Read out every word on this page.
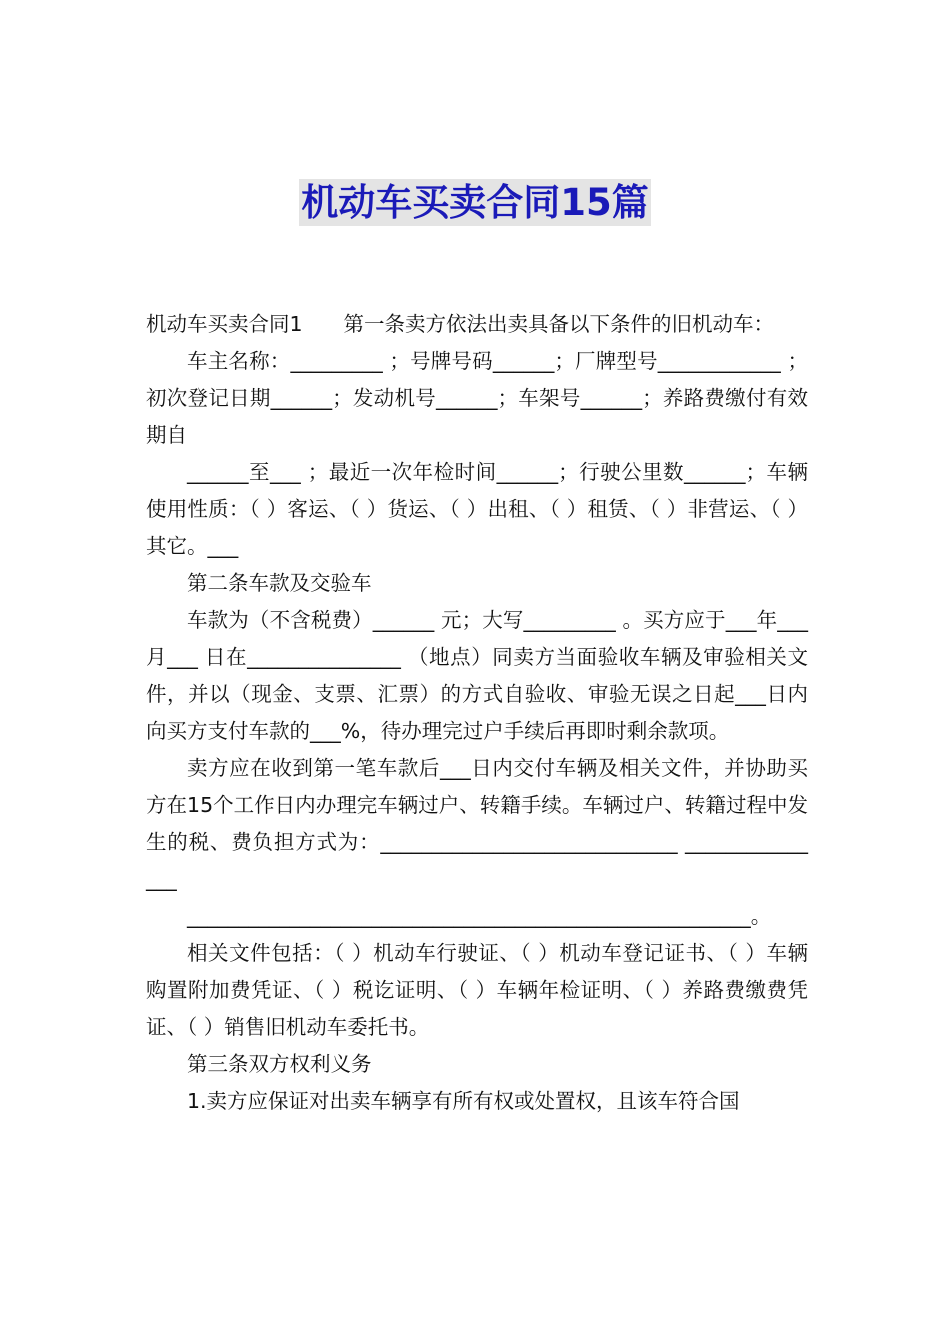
机动车买卖合同15篇

机动车买卖合同1　　第一条卖方依法出卖具备以下条件的旧机动车：

车主名称：_________ ；号牌号码______；厂牌型号____________ ；初次登记日期______；发动机号______；车架号______；养路费缴付有效期自

______至___ ；最近一次年检时间______；行驶公里数______；车辆使用性质：（ ）客运、（ ）货运、（ ）出租、（ ）租赁、（ ）非营运、（ ）其它。___

第二条车款及交验车

车款为（不含税费）______ 元；大写_________ 。买方应于___年___ 月___ 日在_______________ （地点）同卖方当面验收车辆及审验相关文件，并以（现金、支票、汇票）的方式自验收、审验无误之日起___日内向买方支付车款的___%，待办理完过户手续后再即时剩余款项。

卖方应在收到第一笔车款后___日内交付车辆及相关文件，并协助买方在15个工作日内办理完车辆过户、转籍手续。车辆过户、转籍过程中发生的税、费负担方式为：_____________________________ _______________

_______________________________________________________。

相关文件包括：（ ）机动车行驶证、（ ）机动车登记证书、（ ）车辆购置附加费凭证、（ ）税讫证明、（ ）车辆年检证明、（ ）养路费缴费凭证、（ ）销售旧机动车委托书。

第三条双方权利义务

1.卖方应保证对出卖车辆享有所有权或处置权，且该车符合国
